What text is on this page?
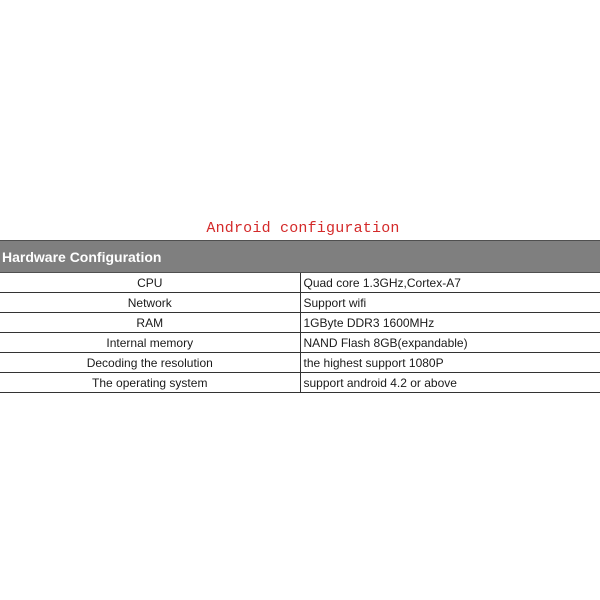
Android configuration
Hardware Configuration	
CPU	Quad core 1.3GHz,Cortex-A7
Network	Support wifi
RAM	1GByte DDR3 1600MHz
Internal memory	NAND Flash 8GB(expandable)
Decoding the resolution	the highest support 1080P
The operating system	support android 4.2 or above
